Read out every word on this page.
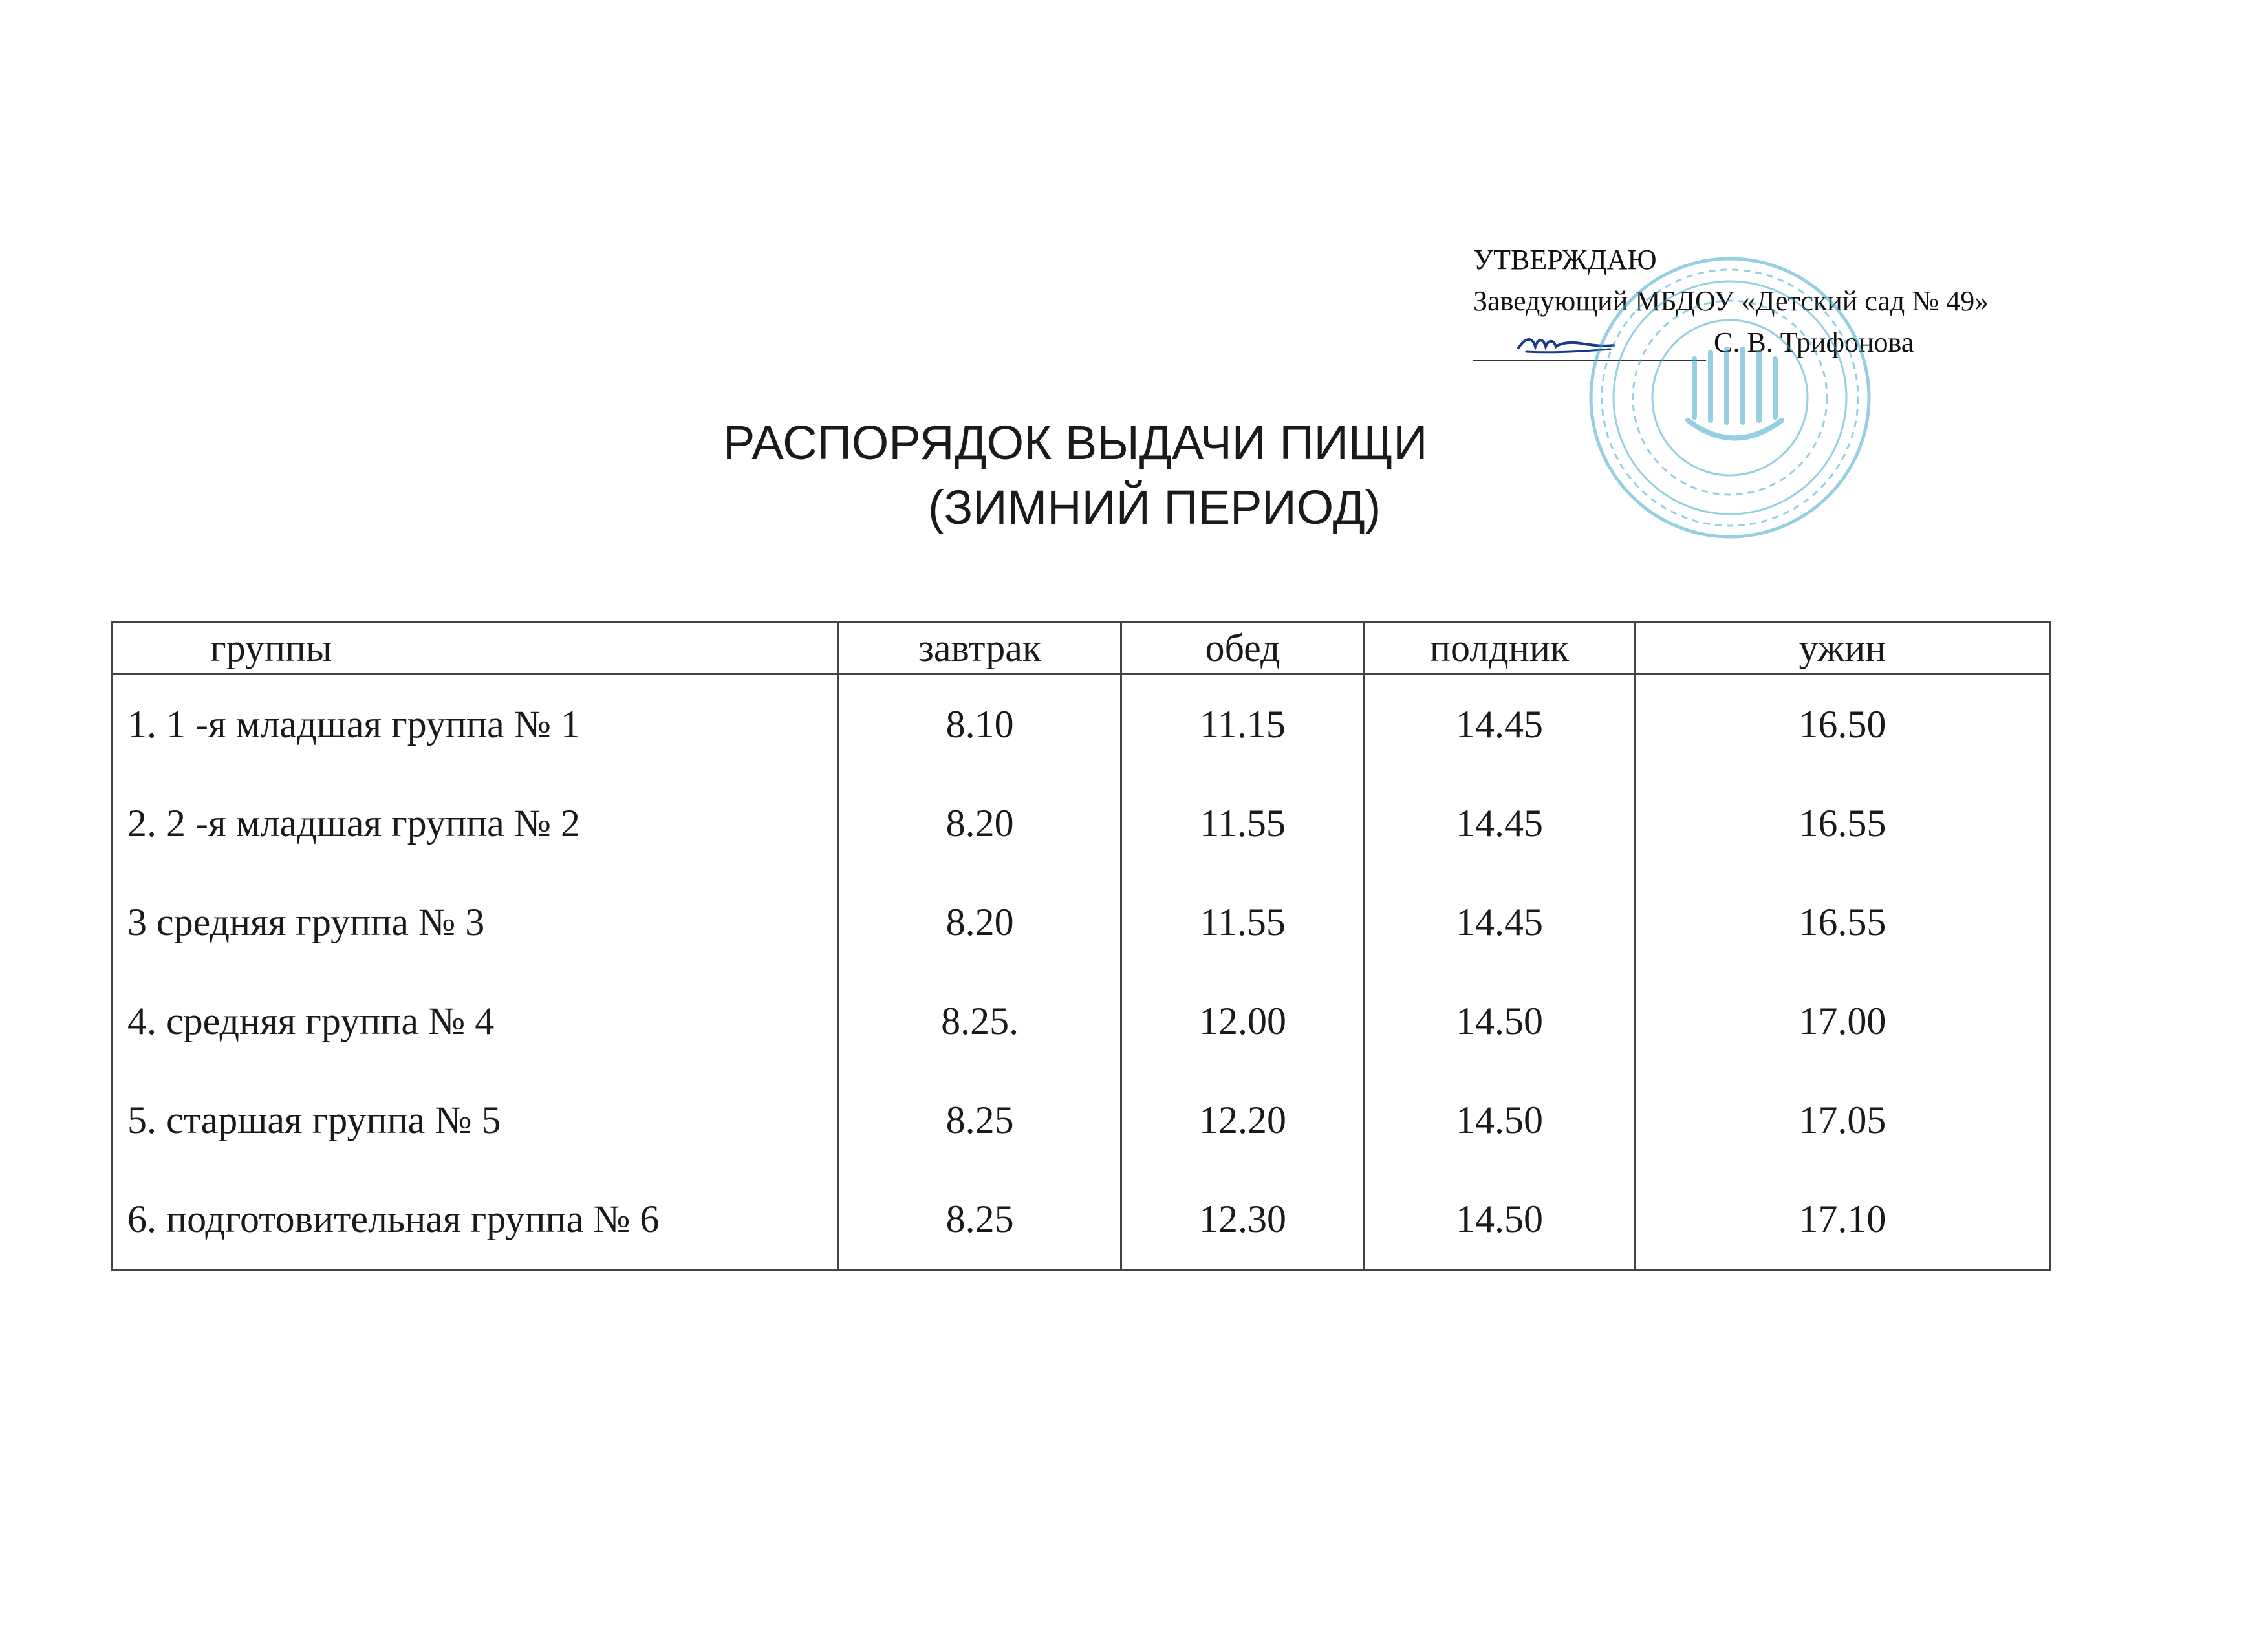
УТВЕРЖДАЮ
Заведующий МБДОУ «Детский сад № 49»
С. В. Трифонова
РАСПОРЯДОК ВЫДАЧИ ПИЩИ
(ЗИМНИЙ ПЕРИОД)
группы	завтрак	обед	полдник	ужин
1. 1 -я младшая группа № 1	8.10	11.15	14.45	16.50
2. 2 -я младшая группа № 2	8.20	11.55	14.45	16.55
3 средняя группа № 3	8.20	11.55	14.45	16.55
4. средняя группа № 4	8.25.	12.00	14.50	17.00
5. старшая группа № 5	8.25	12.20	14.50	17.05
6. подготовительная группа № 6	8.25	12.30	14.50	17.10
